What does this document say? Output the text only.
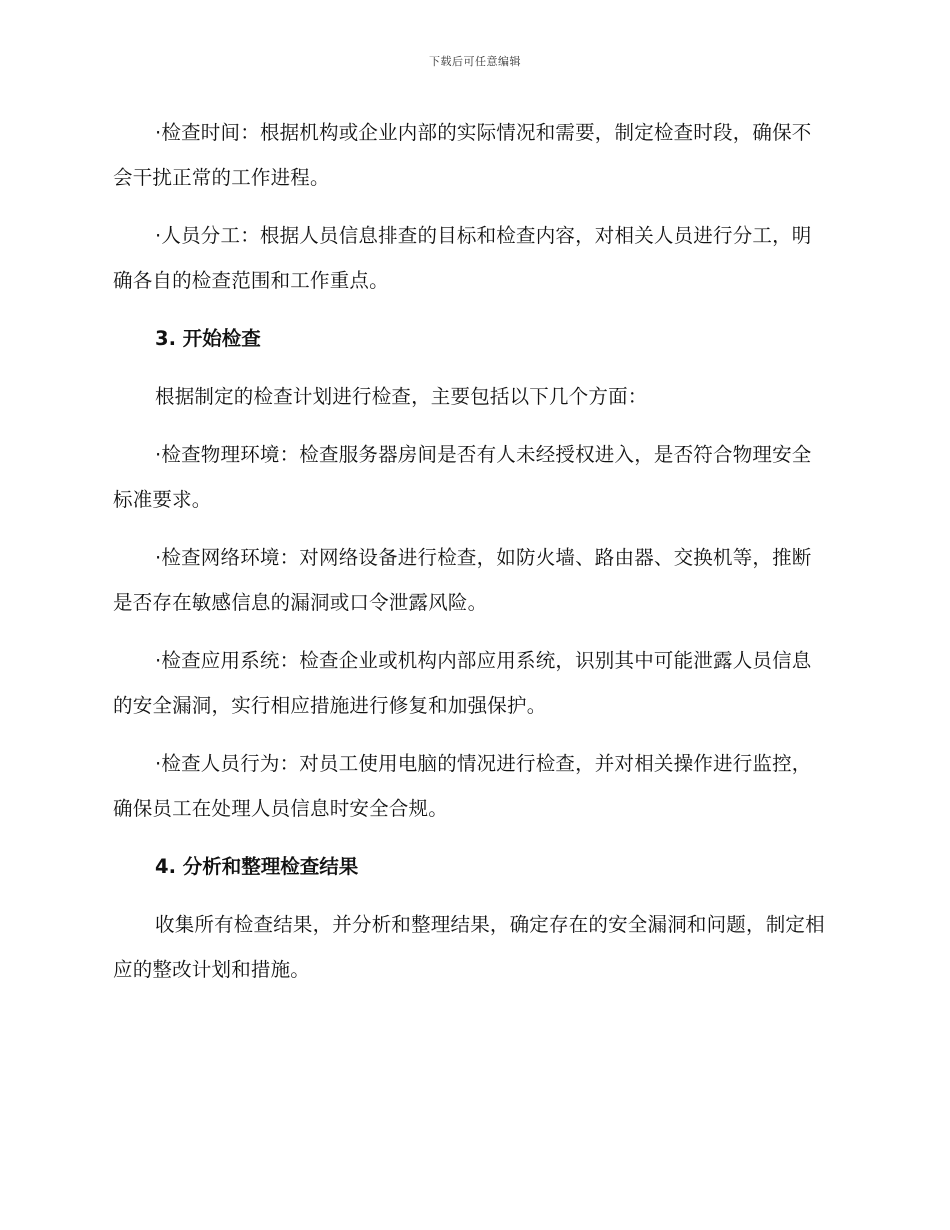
下载后可任意编辑

·检查时间：根据机构或企业内部的实际情况和需要，制定检查时段，确保不会干扰正常的工作进程。

·人员分工：根据人员信息排查的目标和检查内容，对相关人员进行分工，明确各自的检查范围和工作重点。

3. 开始检查

根据制定的检查计划进行检查，主要包括以下几个方面：

·检查物理环境：检查服务器房间是否有人未经授权进入，是否符合物理安全标准要求。

·检查网络环境：对网络设备进行检查，如防火墙、路由器、交换机等，推断是否存在敏感信息的漏洞或口令泄露风险。

·检查应用系统：检查企业或机构内部应用系统，识别其中可能泄露人员信息的安全漏洞，实行相应措施进行修复和加强保护。

·检查人员行为：对员工使用电脑的情况进行检查，并对相关操作进行监控，确保员工在处理人员信息时安全合规。

4. 分析和整理检查结果

收集所有检查结果，并分析和整理结果，确定存在的安全漏洞和问题，制定相应的整改计划和措施。
